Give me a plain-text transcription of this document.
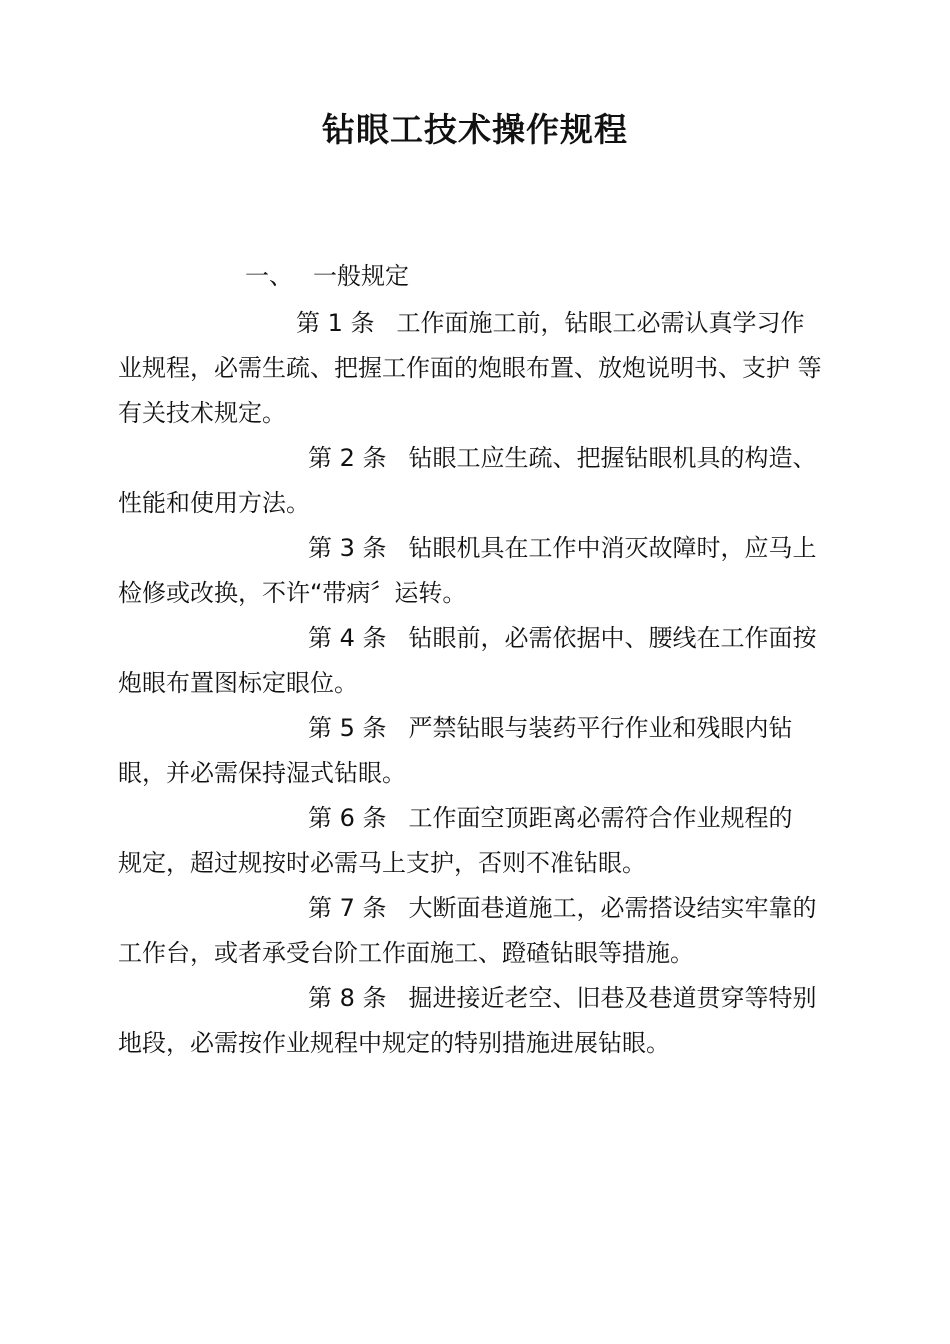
钻眼工技术操作规程
一、 一般规定
第 1 条 工作面施工前，钻眼工必需认真学习作
业规程，必需生疏、把握工作面的炮眼布置、放炮说明书、支护 等
有关技术规定。
第 2 条 钻眼工应生疏、把握钻眼机具的构造、
性能和使用方法。
第 3 条 钻眼机具在工作中消灭故障时，应马上
检修或改换，不许“带病〞运转。
第 4 条 钻眼前，必需依据中、腰线在工作面按
炮眼布置图标定眼位。
第 5 条 严禁钻眼与装药平行作业和残眼内钻
眼，并必需保持湿式钻眼。
第 6 条 工作面空顶距离必需符合作业规程的
规定，超过规按时必需马上支护，否则不准钻眼。
第 7 条 大断面巷道施工，必需搭设结实牢靠的
工作台，或者承受台阶工作面施工、蹬碴钻眼等措施。
第 8 条 掘进接近老空、旧巷及巷道贯穿等特别
地段，必需按作业规程中规定的特别措施进展钻眼。
